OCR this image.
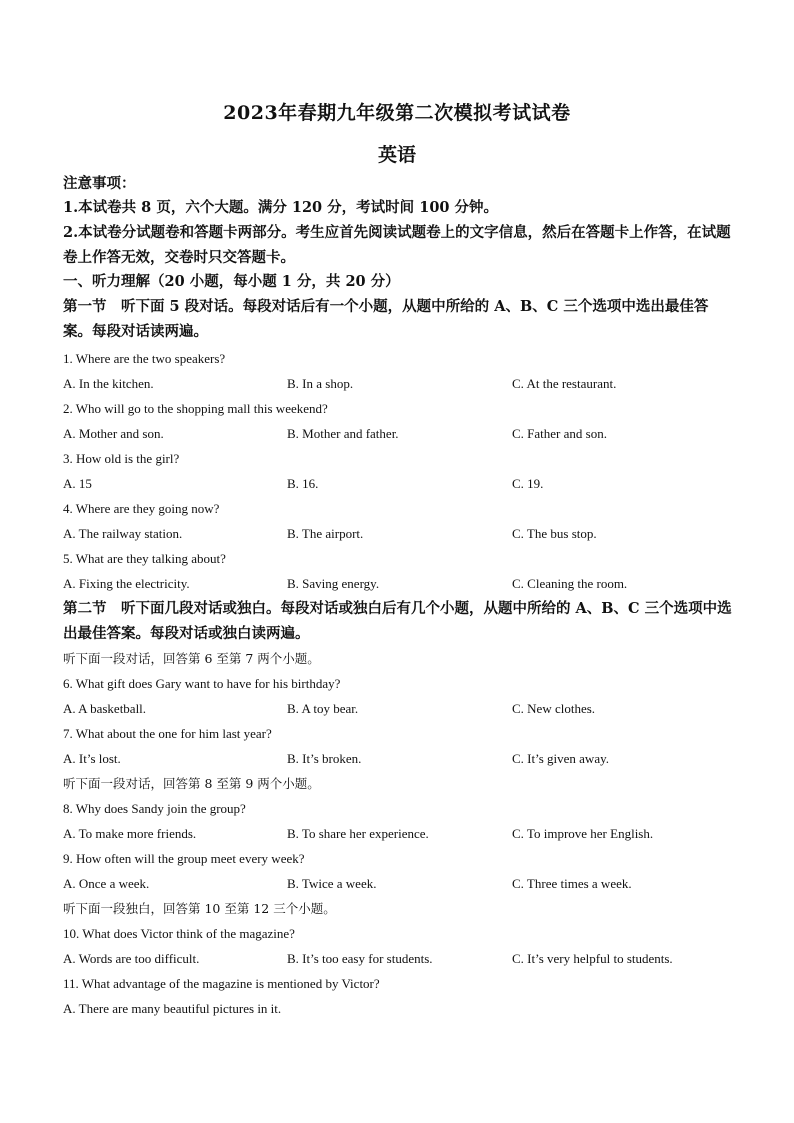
2023年春期九年级第二次模拟考试试卷
英语
注意事项：
1.本试卷共 8 页，六个大题。满分 120 分，考试时间 100 分钟。
2.本试卷分试题卷和答题卡两部分。考生应首先阅读试题卷上的文字信息，然后在答题卡上作答，在试题卷上作答无效，交卷时只交答题卡。
一、听力理解（20 小题，每小题 1 分，共 20 分）
第一节　听下面 5 段对话。每段对话后有一个小题，从题中所给的 A、B、C 三个选项中选出最佳答案。每段对话读两遍。
1. Where are the two speakers?
A. In the kitchen.	B. In a shop.	C. At the restaurant.
2. Who will go to the shopping mall this weekend?
A. Mother and son.	B. Mother and father.	C. Father and son.
3. How old is the girl?
A. 15	B. 16.	C. 19.
4. Where are they going now?
A. The railway station.	B. The airport.	C. The bus stop.
5. What are they talking about?
A. Fixing the electricity.	B. Saving energy.	C. Cleaning the room.
第二节　听下面几段对话或独白。每段对话或独白后有几个小题，从题中所给的 A、B、C 三个选项中选出最佳答案。每段对话或独白读两遍。
听下面一段对话，回答第 6 至第 7 两个小题。
6. What gift does Gary want to have for his birthday?
A. A basketball.	B. A toy bear.	C. New clothes.
7. What about the one for him last year?
A. It’s lost.	B. It’s broken.	C. It’s given away.
听下面一段对话，回答第 8 至第 9 两个小题。
8. Why does Sandy join the group?
A. To make more friends.	B. To share her experience.	C. To improve her English.
9. How often will the group meet every week?
A. Once a week.	B. Twice a week.	C. Three times a week.
听下面一段独白，回答第 10 至第 12 三个小题。
10. What does Victor think of the magazine?
A. Words are too difficult.	B. It’s too easy for students.	C. It’s very helpful to students.
11. What advantage of the magazine is mentioned by Victor?
A. There are many beautiful pictures in it.
